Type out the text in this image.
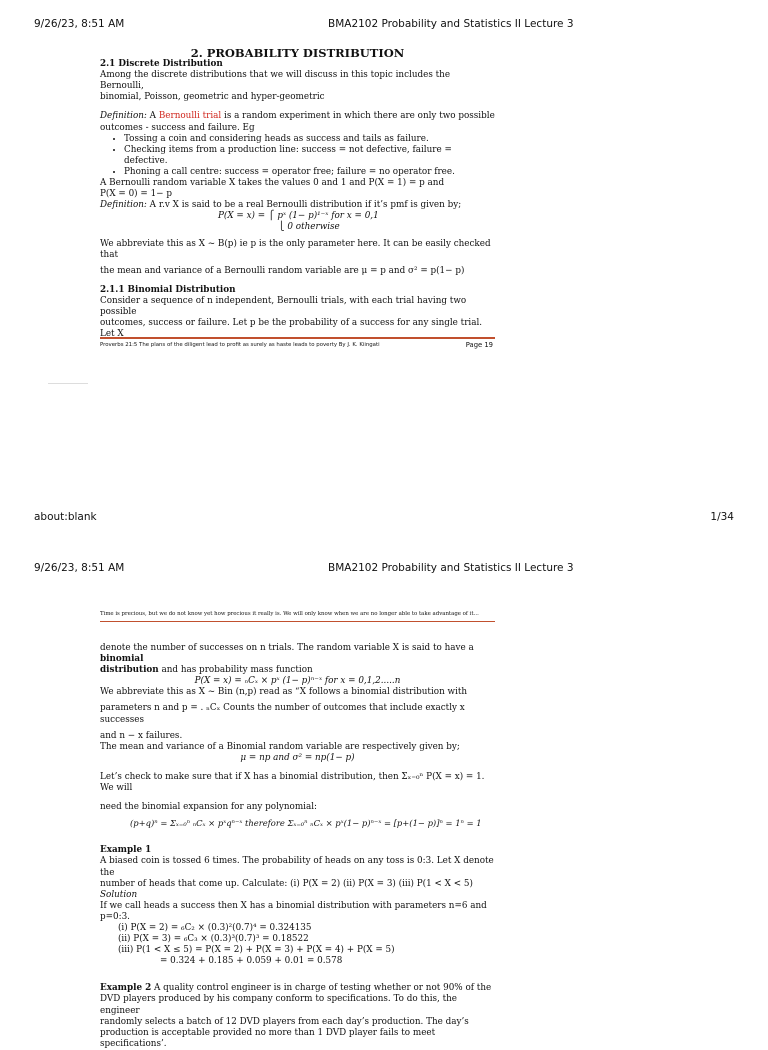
9/26/23, 8:51 AM	BMA2102 Probability and Statistics II Lecture 3

2. PROBABILITY DISTRIBUTION

2.1 Discrete Distribution

Among the discrete distributions that we will discuss in this topic includes the Bernoulli,

binomial, Poisson, geometric and hyper-geometric

Definition: A Bernoulli trial is a random experiment in which there are only two possible

outcomes - success and failure. Eg

• Tossing a coin and considering heads as success and tails as failure.
• Checking items from a production line: success = not defective, failure = defective.
• Phoning a call centre: success = operator free; failure = no operator free.

A Bernoulli random variable X takes the values 0 and 1 and P(X = 1) = p and

P(X = 0) = 1− p

Definition: A r.v X is said to be a real Bernoulli distribution if it’s pmf is given by;

P(X = x) = ⎧ pˣ (1− p)¹⁻ˣ for x = 0,1

⎩ 0 otherwise

We abbreviate this as X ~ B(p) ie p is the only parameter here. It can be easily checked that

the mean and variance of a Bernoulli random variable are μ = p and σ² = p(1− p)

2.1.1 Binomial Distribution

Consider a sequence of n independent, Bernoulli trials, with each trial having two possible

outcomes, success or failure. Let p be the probability of a success for any single trial. Let X

Proverbs 21:5 The plans of the diligent lead to profit as surely as haste leads to poverty By J. K. Kiingati	Page 19
about:blank	1/34
9/26/23, 8:51 AM	BMA2102 Probability and Statistics II Lecture 3
Time is precious, but we do not know yet how precious it really is. We will only know when we are no longer able to take advantage of it…

denote the number of successes on n trials. The random variable X is said to have a binomial

distribution and has probability mass function

P(X = x) = ₙCₓ × pˣ (1− p)ⁿ⁻ˣ for x = 0,1,2.....n

We abbreviate this as X ~ Bin (n,p) read as “X follows a binomial distribution with

parameters n and p = . ₙCₓ Counts the number of outcomes that include exactly x successes

and n − x failures.

The mean and variance of a Binomial random variable are respectively given by;

μ = np and σ² = np(1− p)

Let’s check to make sure that if X has a binomial distribution, then Σₓ₌₀ⁿ P(X = x) = 1. We will

need the binomial expansion for any polynomial:

(p+q)ⁿ = Σₓ₌₀ⁿ ₙCₓ × pˣqⁿ⁻ˣ therefore Σₓ₌₀ⁿ ₙCₓ × pˣ(1− p)ⁿ⁻ˣ = [p+(1− p)]ⁿ = 1ⁿ = 1

Example 1

A biased coin is tossed 6 times. The probability of heads on any toss is 0:3. Let X denote the

number of heads that come up. Calculate: (i) P(X = 2) (ii) P(X = 3) (iii) P(1 < X < 5)

Solution

If we call heads a success then X has a binomial distribution with parameters n=6 and p=0:3.

(i) P(X = 2) = ₆C₂ × (0.3)²(0.7)⁴ = 0.324135

(ii) P(X = 3) = ₆C₃ × (0.3)³(0.7)³ = 0.18522

(iii) P(1 < X ≤ 5) = P(X = 2) + P(X = 3) + P(X = 4) + P(X = 5)

= 0.324 + 0.185 + 0.059 + 0.01 = 0.578

Example 2 A quality control engineer is in charge of testing whether or not 90% of the

DVD players produced by his company conform to specifications. To do this, the engineer

randomly selects a batch of 12 DVD players from each day’s production. The day’s

production is acceptable provided no more than 1 DVD player fails to meet specifications’.
